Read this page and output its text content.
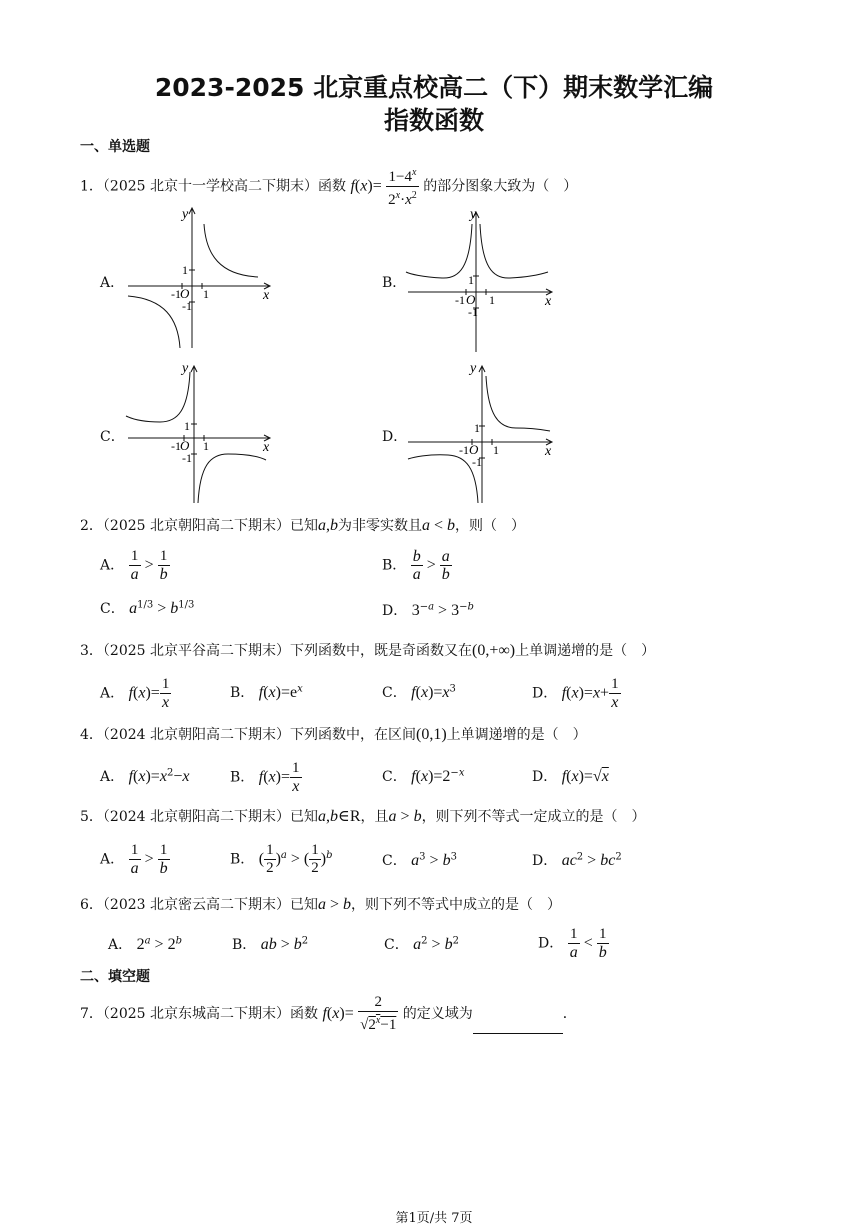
2023-2025 北京重点校高二（下）期末数学汇编
指数函数
一、单选题
1．（2025 北京十一学校高二下期末）函数 $f(x)= \frac{1-4^x}{2^x\cdot x^2}$ 的部分图象大致为（　）
A．	B．
C．	D．
y
x
1
-1 O 1
-1
y
x
1
-1 O 1
-1
y
x
1
-1 O 1
-1
y
x
1
-1 O 1
-1
2．（2025 北京朝阳高二下期末）已知a,b为非零实数且a < b，则（　）
A． $\frac{1}{a} > \frac{1}{b}$	B． $\frac{b}{a} > \frac{a}{b}$
C． $a^{1/3} > b^{1/3}$	D． $3^{-a} > 3^{-b}$
3．（2025 北京平谷高二下期末）下列函数中，既是奇函数又在(0,+∞)上单调递增的是（　）
A． $f(x)= \frac{1}{x}$	B． $f(x)=e^x$	C． $f(x)=x^3$	D． $f(x)=x+ \frac{1}{x}$
4．（2024 北京朝阳高二下期末）下列函数中，在区间(0,1)上单调递增的是（　）
A． $f(x)=x^2-x$	B． $f(x)= \frac{1}{x}$	C． $f(x)=2^{-x}$	D． f(x)=√x
5．（2024 北京朝阳高二下期末）已知a,b∈R，且a > b，则下列不等式一定成立的是（　）
A． $\frac{1}{a} > \frac{1}{b}$	B． ( $\frac{1}{2} )^a$ > ( $\frac{1}{2} )^b$	C． $a^3 > b^3$	D． $ac^2 > bc^2$
6．（2023 北京密云高二下期末）已知a > b，则下列不等式中成立的是（　）
A． $2^a > 2^b$	B． ab > $b^2$	C． $a^2 > b^2$	D． $\frac{1}{a} < \frac{1}{b}$
二、填空题
7．（2025 北京东城高二下期末）函数 $f(x)= \frac{2}{√2^x-1}$ 的定义域为	．
第1页/共 7页
